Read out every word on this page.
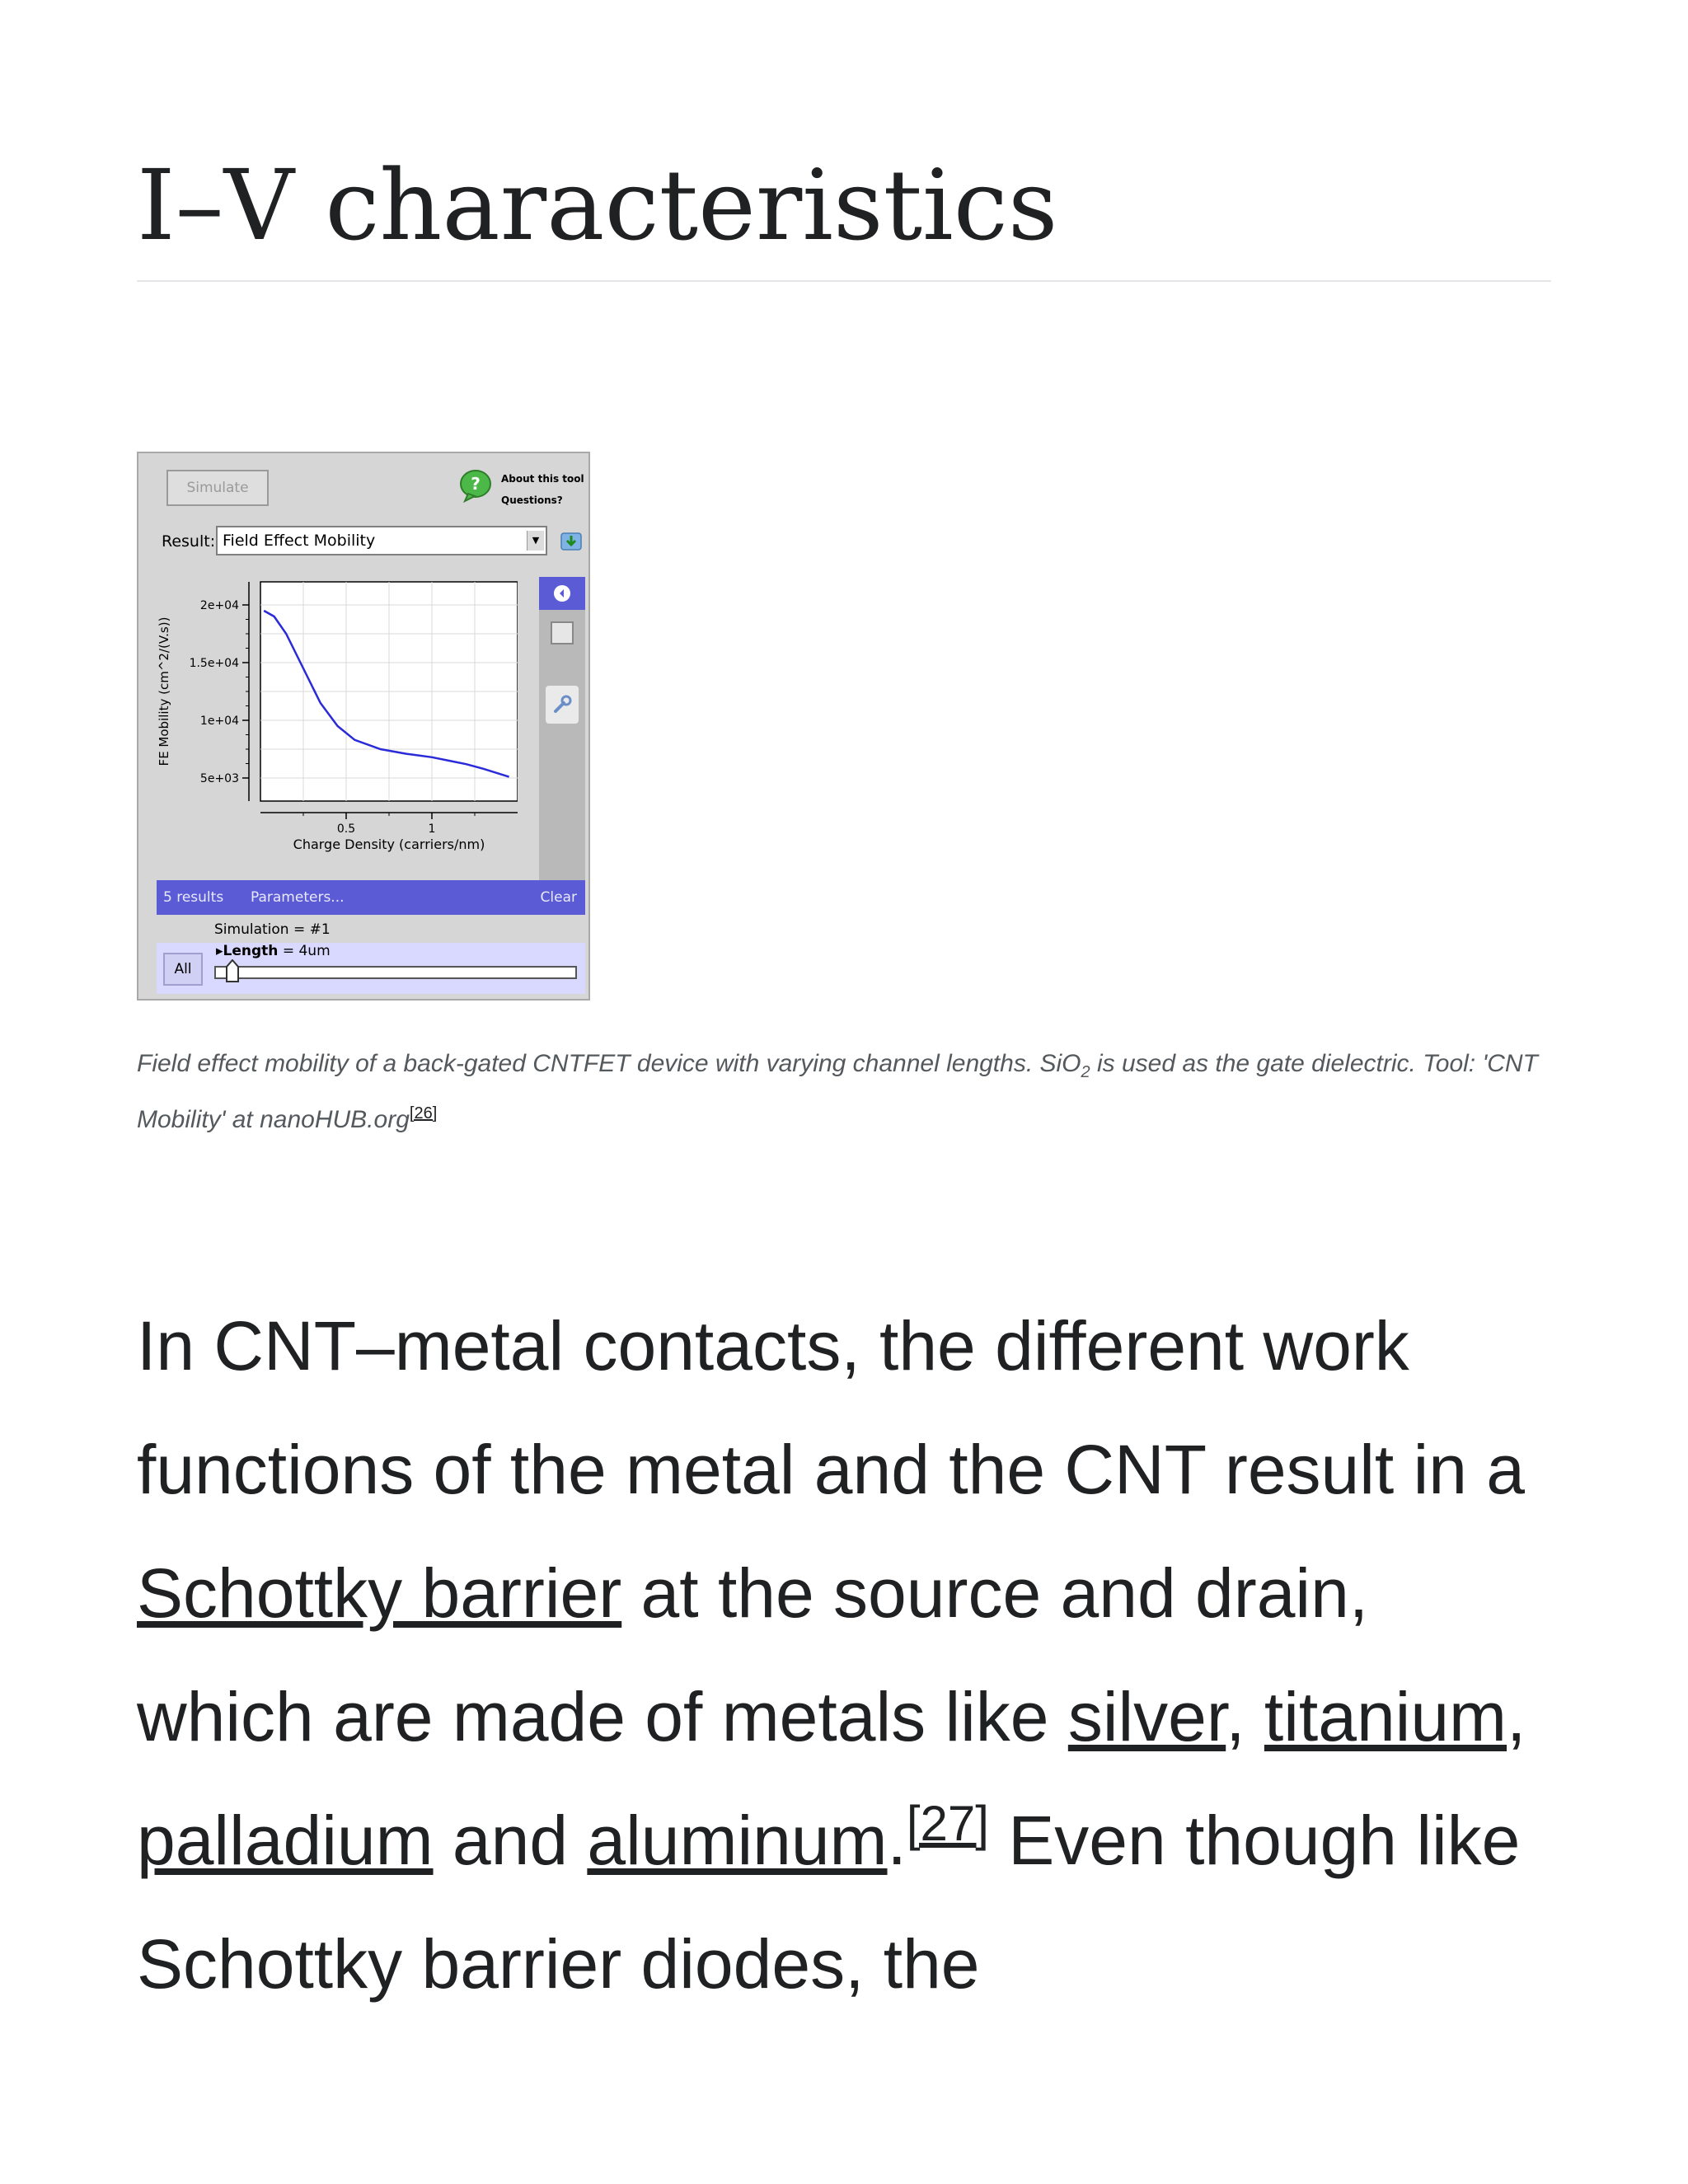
I–V characteristics
Simulate	? About this tool
Questions?
Result: Field Effect Mobility	▼
2e+04
1.5e+04
1e+04
5e+03
0.5	1
Charge Density (carriers/nm)
FE Mobility (cm^2/(V.s))
5 results Parameters...	Clear
Simulation = #1
All
▸Length = 4um
Field effect mobility of a back-gated CNTFET device with varying channel lengths. SiO$_2$ is used as the gate dielectric. Tool: 'CNT Mobility' at nanoHUB.org[26]

In CNT–metal contacts, the different work functions of the metal and the CNT result in a Schottky barrier at the source and drain, which are made of metals like silver, titanium, palladium and aluminum.[27] Even though like Schottky barrier diodes, the
